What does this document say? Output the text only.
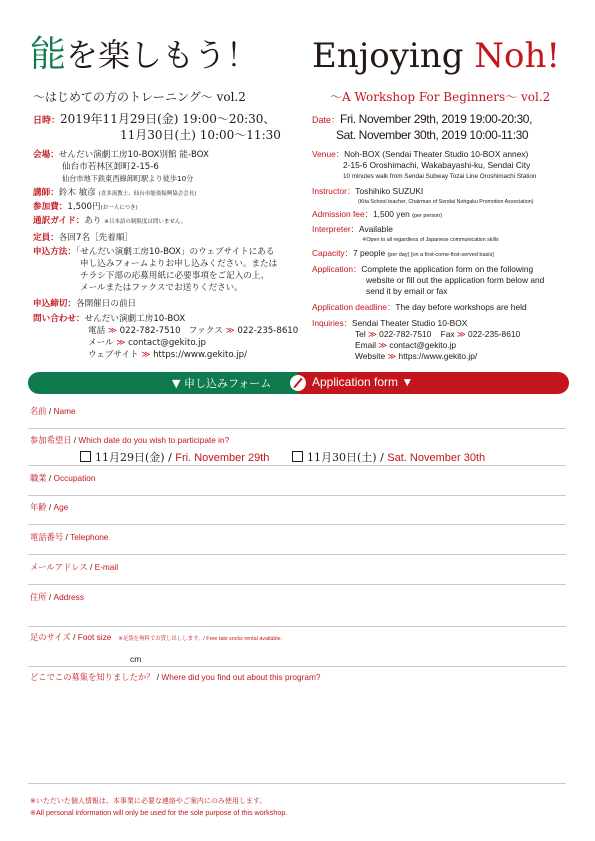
能を楽しもう！ Enjoying Noh!
〜はじめての方のトレーニング〜 vol.2	〜A Workshop For Beginners〜 vol.2
日時：2019年11月29日(金) 19:00〜20:30、
11月30日(土) 10:00〜11:30
会場：せんだい演劇工房10-BOX別館 能-BOX
仙台市若林区卸町2-15-6
仙台市地下鉄東西線卸町駅より徒歩10分
講師：鈴木 敏彦 (喜多流教士、仙台市能楽振興協会会長)
参加費：1,500円(お一人につき)
通訳ガイド：あり ※日本語の制限度は問いません。
定員：各回7名［先着順］
申込方法：「せんだい演劇工房10-BOX」のウェブサイトにある
申し込みフォームよりお申し込みください。または
チラシ下部の応募用紙に必要事項をご記入の上、
メールまたはファクスでお送りください。
申込締切：各開催日の前日
問い合わせ：せんだい演劇工房10-BOX
電話 ≫ 022-782-7510 ファクス ≫ 022-235-8610
メール ≫ contact@gekito.jp
ウェブサイト ≫ https://www.gekito.jp/
Date：Fri. November 29th, 2019 19:00-20:30,
Sat. November 30th, 2019 10:00-11:30
Venue：Noh-BOX (Sendai Theater Studio 10-BOX annex)
2-15-6 Oroshimachi, Wakabayashi-ku, Sendai City
10 minutes walk from Sendai Subway Tozai Line Oroshimachi Station
Instructor：Toshihiko SUZUKI
(Kita School teacher, Chairman of Sendai Nohgaku Promotion Association)
Admission fee：1,500 yen (per person)
Interpreter：Available
※Open to all regardless of Japanese communication skills
Capacity：7 people (per day) [on a first-come-first-served basis]
Application：Complete the application form on the following
website or fill out the application form below and
send it by email or fax
Application deadline：The day before workshops are held
Inquiries：Sendai Theater Studio 10-BOX
Tel ≫ 022-782-7510 Fax ≫ 022-235-8610
Email ≫ contact@gekito.jp
Website ≫ https://www.gekito.jp/
▼ 申し込みフォーム	Application form ▼
名前 / Name
参加希望日 / Which date do you wish to participate in?
11月29日(金) / Fri. November 29th	11月30日(土) / Sat. November 30th
職業 / Occupation
年齢 / Age
電話番号 / Telephone
メールアドレス / E-mail
住所 / Address
足のサイズ / Foot size ※足袋を無料でお貸し出しします。/ Free tabi socks rental available.
cm
どこでこの募集を知りましたか？ / Where did you find out about this program?
※いただいた個人情報は、本事業に必要な連絡やご案内にのみ使用します。
※All personal information will only be used for the sole purpose of this workshop.
